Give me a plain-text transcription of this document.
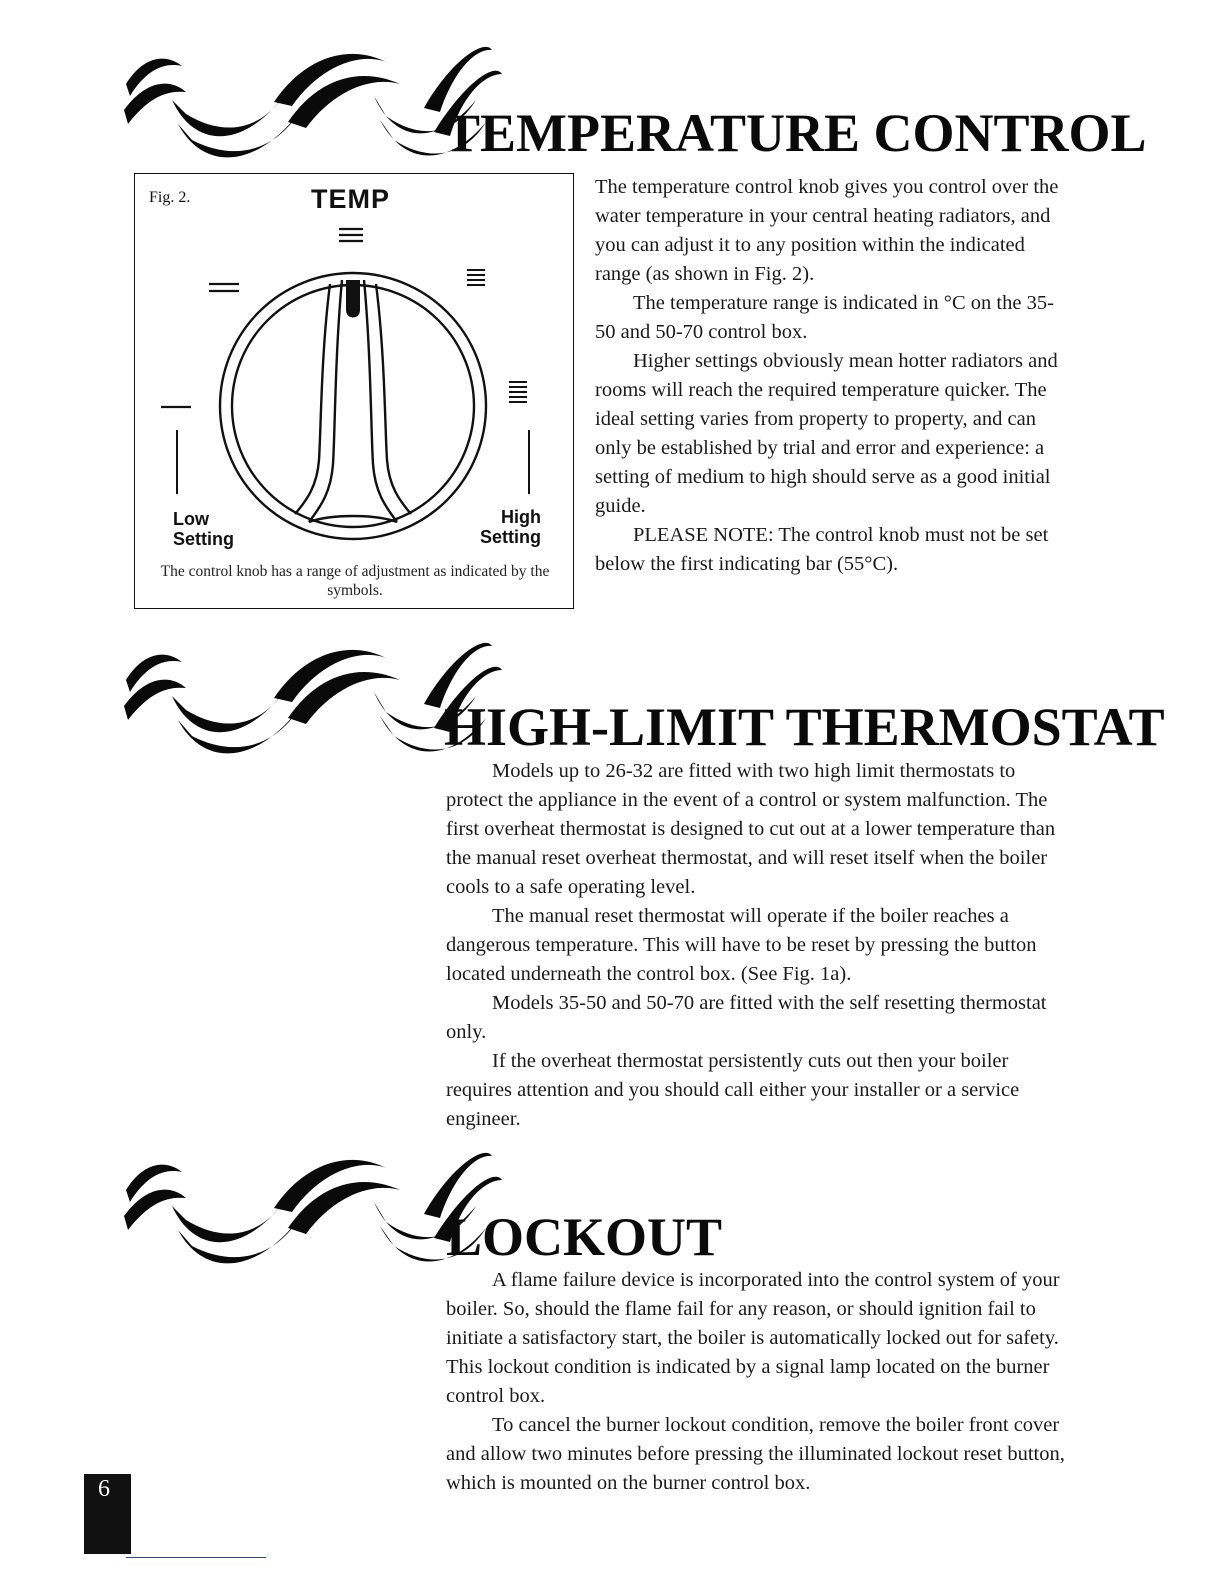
TEMPERATURE CONTROL
Fig. 2.	TEMP
Low
Setting
High
Setting
The control knob has a range of adjustment as indicated by the symbols.

The temperature control knob gives you control over the water temperature in your central heating radiators, and you can adjust it to any position within the indicated range (as shown in Fig. 2).

The temperature range is indicated in °C on the 35-50 and 50-70 control box.

Higher settings obviously mean hotter radiators and rooms will reach the required temperature quicker. The ideal setting varies from property to property, and can only be established by trial and error and experience: a setting of medium to high should serve as a good initial guide.

PLEASE NOTE: The control knob must not be set below the first indicating bar (55°C).

HIGH-LIMIT THERMOSTAT

Models up to 26-32 are fitted with two high limit thermostats to protect the appliance in the event of a control or system malfunction. The first overheat thermostat is designed to cut out at a lower temperature than the manual reset overheat thermostat, and will reset itself when the boiler cools to a safe operating level.

The manual reset thermostat will operate if the boiler reaches a dangerous temperature. This will have to be reset by pressing the button located underneath the control box. (See Fig. 1a).

Models 35-50 and 50-70 are fitted with the self resetting thermostat only.

If the overheat thermostat persistently cuts out then your boiler requires attention and you should call either your installer or a service engineer.

LOCKOUT

A flame failure device is incorporated into the control system of your boiler. So, should the flame fail for any reason, or should ignition fail to initiate a satisfactory start, the boiler is automatically locked out for safety. This lockout condition is indicated by a signal lamp located on the burner control box.

To cancel the burner lockout condition, remove the boiler front cover and allow two minutes before pressing the illuminated lockout reset button, which is mounted on the burner control box.

6
